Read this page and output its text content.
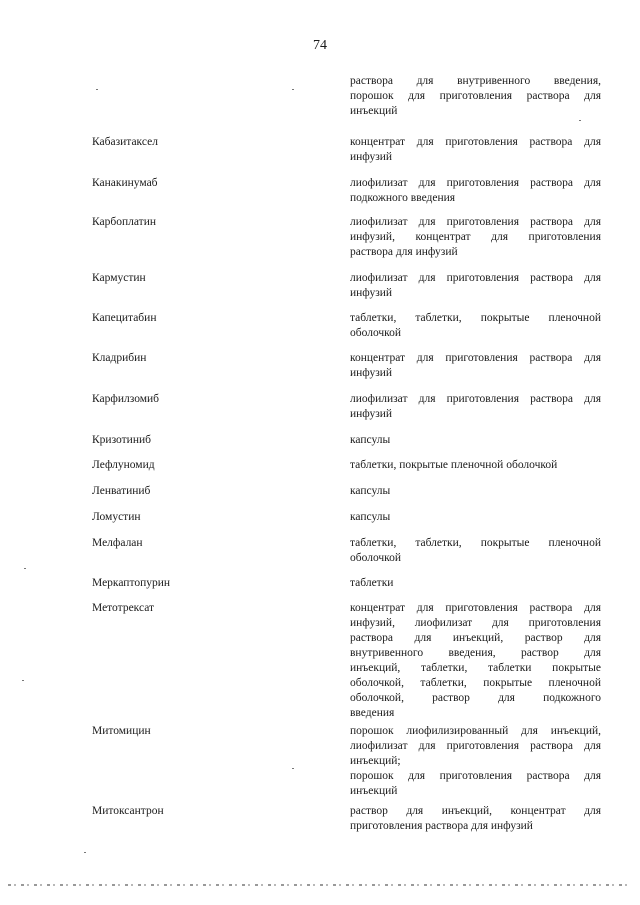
74
раствора для внутривенного введения,
порошок для приготовления раствора для
инъекций
Кабазитаксел	концентрат для приготовления раствора для
инфузий
Канакинумаб	лиофилизат для приготовления раствора для
подкожного введения
Карбоплатин	лиофилизат для приготовления раствора для
инфузий, концентрат для приготовления
раствора для инфузий
Кармустин	лиофилизат для приготовления раствора для
инфузий
Капецитабин	таблетки, таблетки, покрытые пленочной
оболочкой
Кладрибин	концентрат для приготовления раствора для
инфузий
Карфилзомиб	лиофилизат для приготовления раствора для
инфузий
Кризотиниб	капсулы
Лефлуномид	таблетки, покрытые пленочной оболочкой
Ленватиниб	капсулы
Ломустин	капсулы
Мелфалан	таблетки, таблетки, покрытые пленочной
оболочкой
Меркаптопурин	таблетки
Метотрексат	концентрат для приготовления раствора для
инфузий, лиофилизат для приготовления
раствора для инъекций, раствор для
внутривенного введения, раствор для
инъекций, таблетки, таблетки покрытые
оболочкой, таблетки, покрытые пленочной
оболочкой, раствор для подкожного
введения
Митомицин	порошок лиофилизированный для инъекций,
лиофилизат для приготовления раствора для
инъекций;
порошок для приготовления раствора для
инъекций
Митоксантрон	раствор для инъекций, концентрат для
приготовления раствора для инфузий
